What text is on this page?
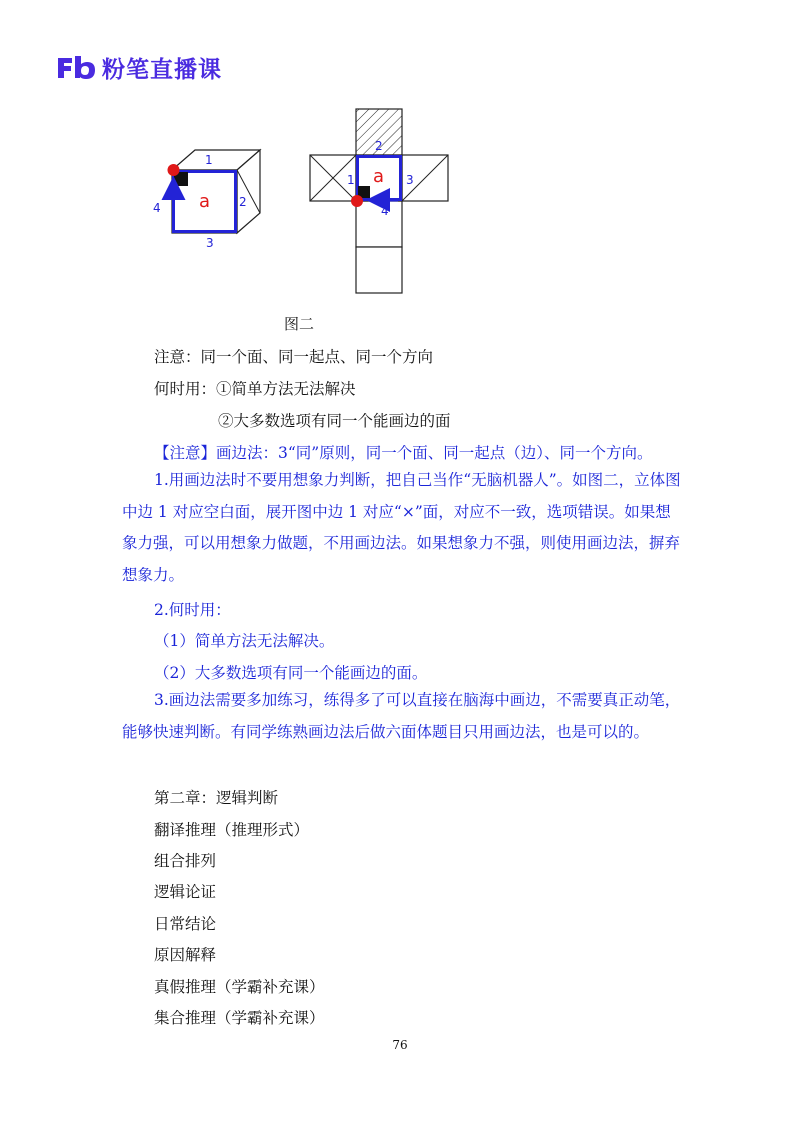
粉笔直播课
a
1
2
3
4
a
1
2
3
4
图二
注意：同一个面、同一起点、同一个方向
何时用：①简单方法无法解决
②大多数选项有同一个能画边的面
【注意】画边法：3“同”原则，同一个面、同一起点（边）、同一个方向。
1.用画边法时不要用想象力判断，把自己当作“无脑机器人”。如图二，立体图中边 1 对应空白面，展开图中边 1 对应“×”面，对应不一致，选项错误。如果想象力强，可以用想象力做题，不用画边法。如果想象力不强，则使用画边法，摒弃想象力。
2.何时用：
（1）简单方法无法解决。
（2）大多数选项有同一个能画边的面。
3.画边法需要多加练习，练得多了可以直接在脑海中画边，不需要真正动笔，能够快速判断。有同学练熟画边法后做六面体题目只用画边法，也是可以的。
第二章：逻辑判断
翻译推理（推理形式）
组合排列
逻辑论证
日常结论
原因解释
真假推理（学霸补充课）
集合推理（学霸补充课）
76
